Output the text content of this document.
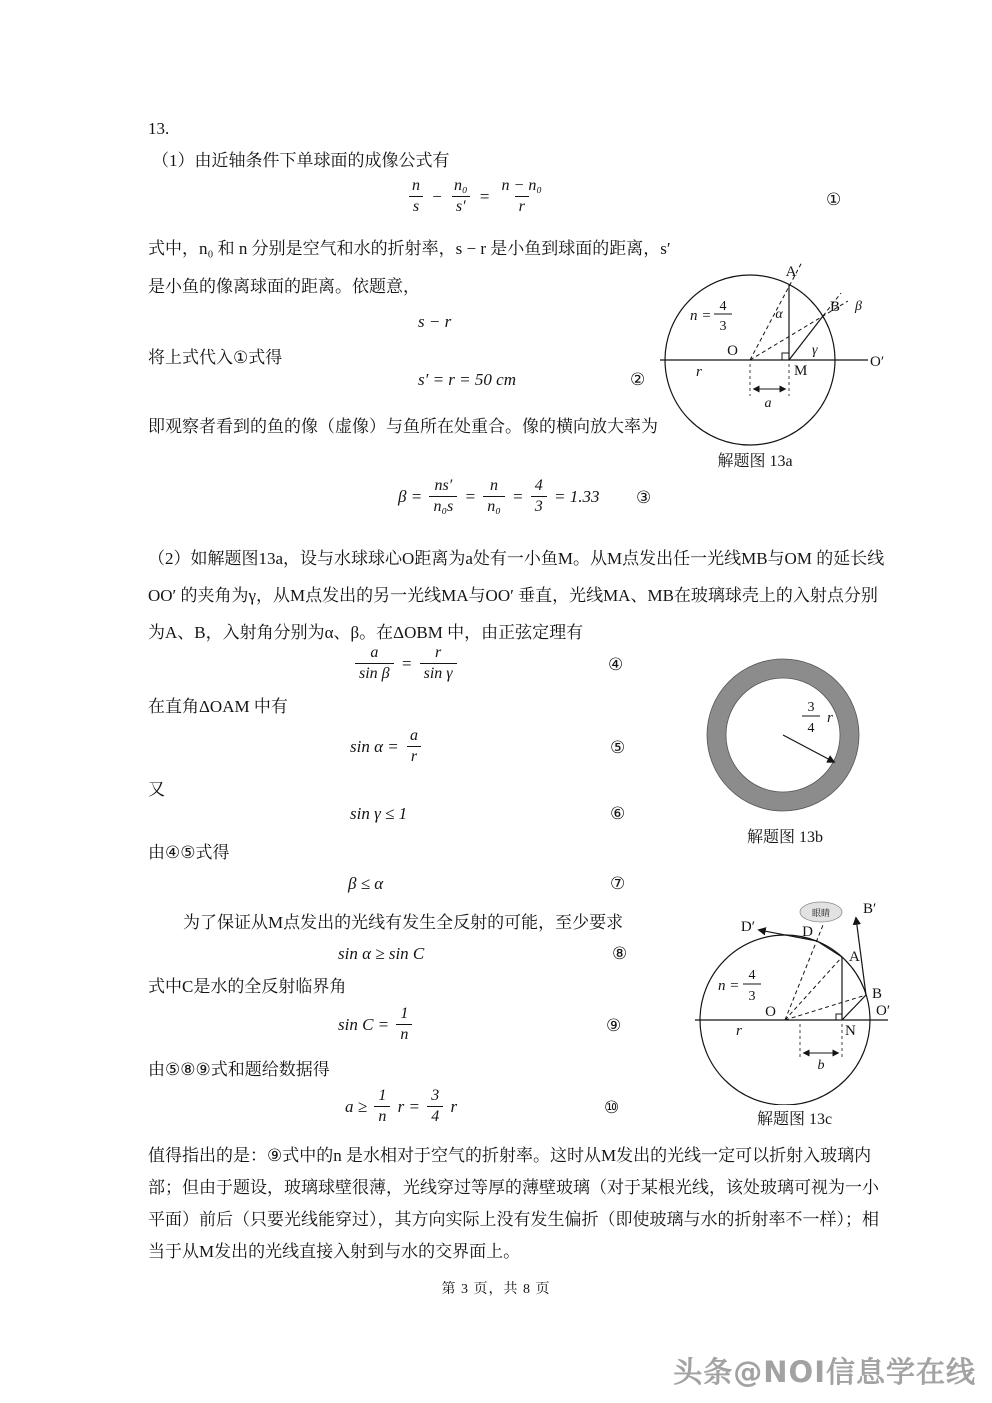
13.
（1）由近轴条件下单球面的成像公式有
$\frac{n}{s} - \frac{\text{n₀}}{s'} = \frac{\text{n − n₀}}{r}$	①
式中，n₀ 和 n 分别是空气和水的折射率，s − r 是小鱼到球面的距离，s′ 是小鱼的像离球面的距离。依题意，
s − r
将上式代入①式得
s′ = r = 50 cm	②
即观察者看到的鱼的像（虚像）与鱼所在处重合。像的横向放大率为
$\beta = \frac{ns'}{\text{n₀s}} = \frac{n}{\text{n₀}} = \frac{4}{3} = 1.33$ ③
（2）如解题图13a，设与水球球心O距离为a处有一小鱼M。从M点发出任一光线MB与OM 的延长线OO′ 的夹角为γ，从M点发出的另一光线MA与OO′ 垂直，光线MA、MB在玻璃球壳上的入射点分别为A、B，入射角分别为α、β。在ΔOBM 中，由正弦定理有
$\frac{a}{\text{sin β}} = \frac{r}{\text{sin γ}}$	④
在直角ΔOAM 中有
$\sin \alpha = \frac{a}{r}$	⑤
又
sin γ ≤ 1	⑥
由④⑤式得
β ≤ α	⑦
为了保证从M点发出的光线有发生全反射的可能，至少要求
sin α ≥ sin C	⑧
式中C是水的全反射临界角
$\sin C = \frac{1}{n}$	⑨
由⑤⑧⑨式和题给数据得
$a \ge \frac{1}{n}$ $r = \frac{3}{4}$ r	⑩
值得指出的是：⑨式中的n 是水相对于空气的折射率。这时从M发出的光线一定可以折射入玻璃内部；但由于题设，玻璃球壁很薄，光线穿过等厚的薄壁玻璃（对于某根光线，该处玻璃可视为一小平面）前后（只要光线能穿过），其方向实际上没有发生偏折（即使玻璃与水的折射率不一样）；相当于从M发出的光线直接入射到与水的交界面上。
n =
4
3
A
B β
α
γ
O
O′
M
r
a
解题图 13a
3
4
r
解题图 13b
眼睛
n =
4
3
D′	D
A
B
B′
N
O	O′
r
b
解题图 13c
第 3 页，共 8 页
头条@NOI信息学在线
